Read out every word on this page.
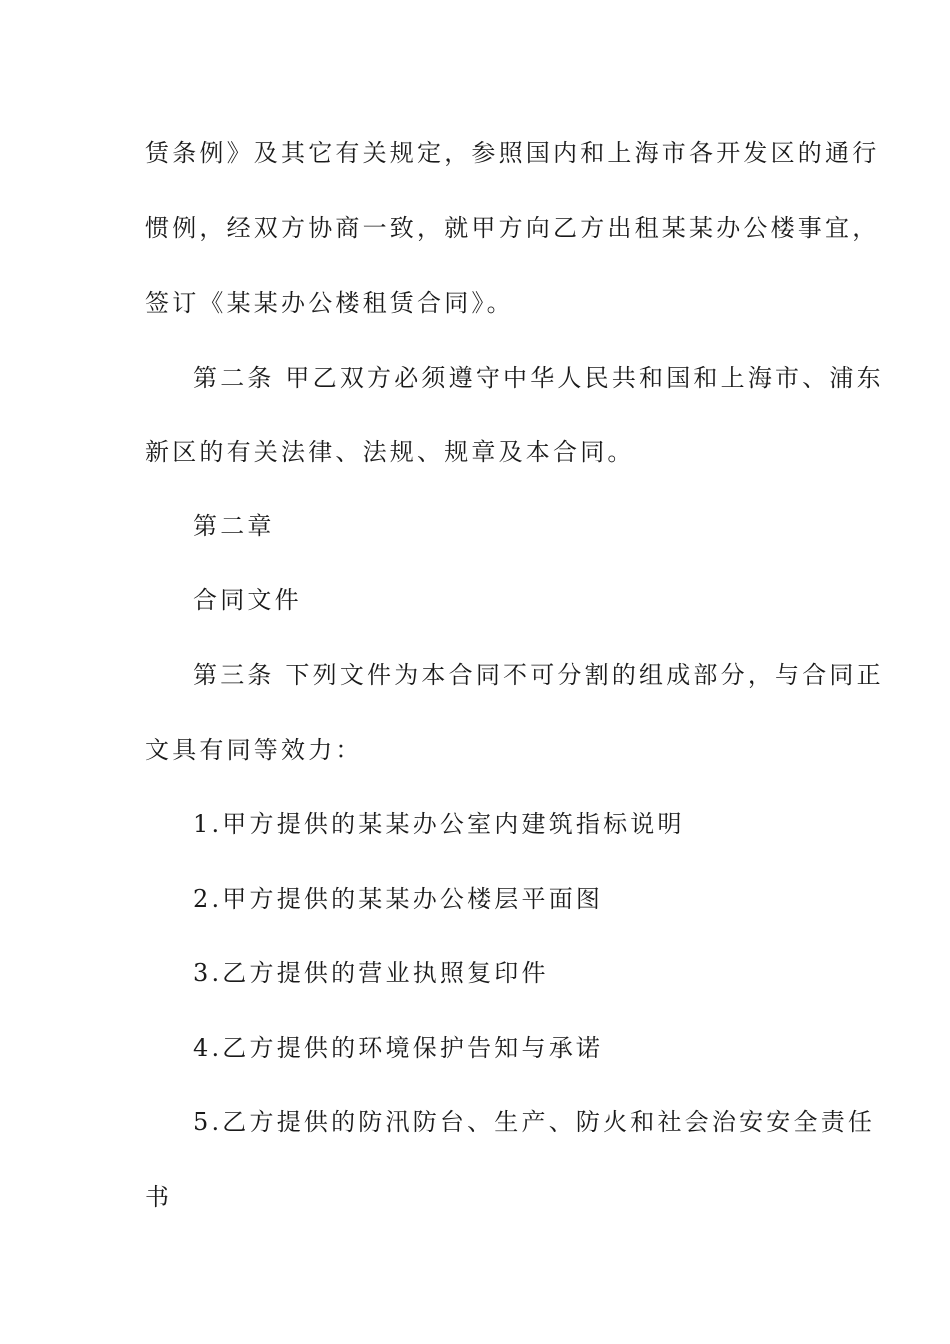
赁条例》及其它有关规定，参照国内和上海市各开发区的通行
惯例，经双方协商一致，就甲方向乙方出租某某办公楼事宜，
签订《某某办公楼租赁合同》。
第二条 甲乙双方必须遵守中华人民共和国和上海市、浦东
新区的有关法律、法规、规章及本合同。
第二章
合同文件
第三条 下列文件为本合同不可分割的组成部分，与合同正
文具有同等效力：
1.甲方提供的某某办公室内建筑指标说明
2.甲方提供的某某办公楼层平面图
3.乙方提供的营业执照复印件
4.乙方提供的环境保护告知与承诺
5.乙方提供的防汛防台、生产、防火和社会治安安全责任
书
